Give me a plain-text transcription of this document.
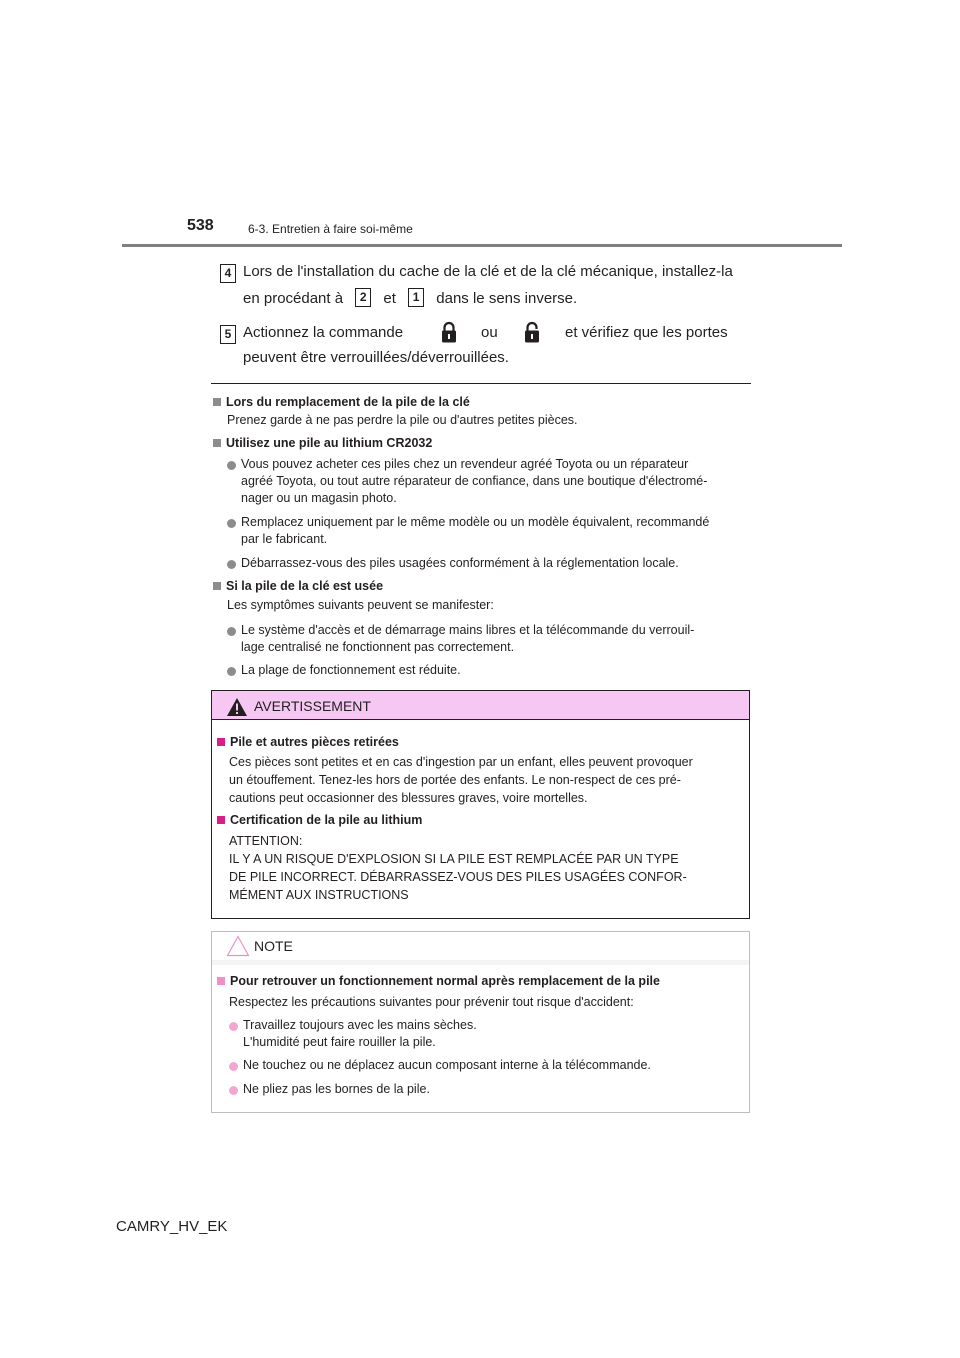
538	6-3. Entretien à faire soi-même
4 Lors de l'installation du cache de la clé et de la clé mécanique, installez-la
en procédant à 2 et 1 dans le sens inverse.
5 Actionnez la commande	ou	et vérifiez que les portes
peuvent être verrouillées/déverrouillées.
Lors du remplacement de la pile de la clé
Prenez garde à ne pas perdre la pile ou d'autres petites pièces.
Utilisez une pile au lithium CR2032
Vous pouvez acheter ces piles chez un revendeur agréé Toyota ou un réparateur
agréé Toyota, ou tout autre réparateur de confiance, dans une boutique d'électromé-
nager ou un magasin photo.
Remplacez uniquement par le même modèle ou un modèle équivalent, recommandé
par le fabricant.
Débarrassez-vous des piles usagées conformément à la réglementation locale.
Si la pile de la clé est usée
Les symptômes suivants peuvent se manifester:
Le système d'accès et de démarrage mains libres et la télécommande du verrouil-
lage centralisé ne fonctionnent pas correctement.
La plage de fonctionnement est réduite.
AVERTISSEMENT
Pile et autres pièces retirées
Ces pièces sont petites et en cas d'ingestion par un enfant, elles peuvent provoquer
un étouffement. Tenez-les hors de portée des enfants. Le non-respect de ces pré-
cautions peut occasionner des blessures graves, voire mortelles.
Certification de la pile au lithium
ATTENTION:
IL Y A UN RISQUE D'EXPLOSION SI LA PILE EST REMPLACÉE PAR UN TYPE
DE PILE INCORRECT. DÉBARRASSEZ-VOUS DES PILES USAGÉES CONFOR-
MÉMENT AUX INSTRUCTIONS
NOTE
Pour retrouver un fonctionnement normal après remplacement de la pile
Respectez les précautions suivantes pour prévenir tout risque d'accident:
Travaillez toujours avec les mains sèches.
L'humidité peut faire rouiller la pile.
Ne touchez ou ne déplacez aucun composant interne à la télécommande.
Ne pliez pas les bornes de la pile.
CAMRY_HV_EK
